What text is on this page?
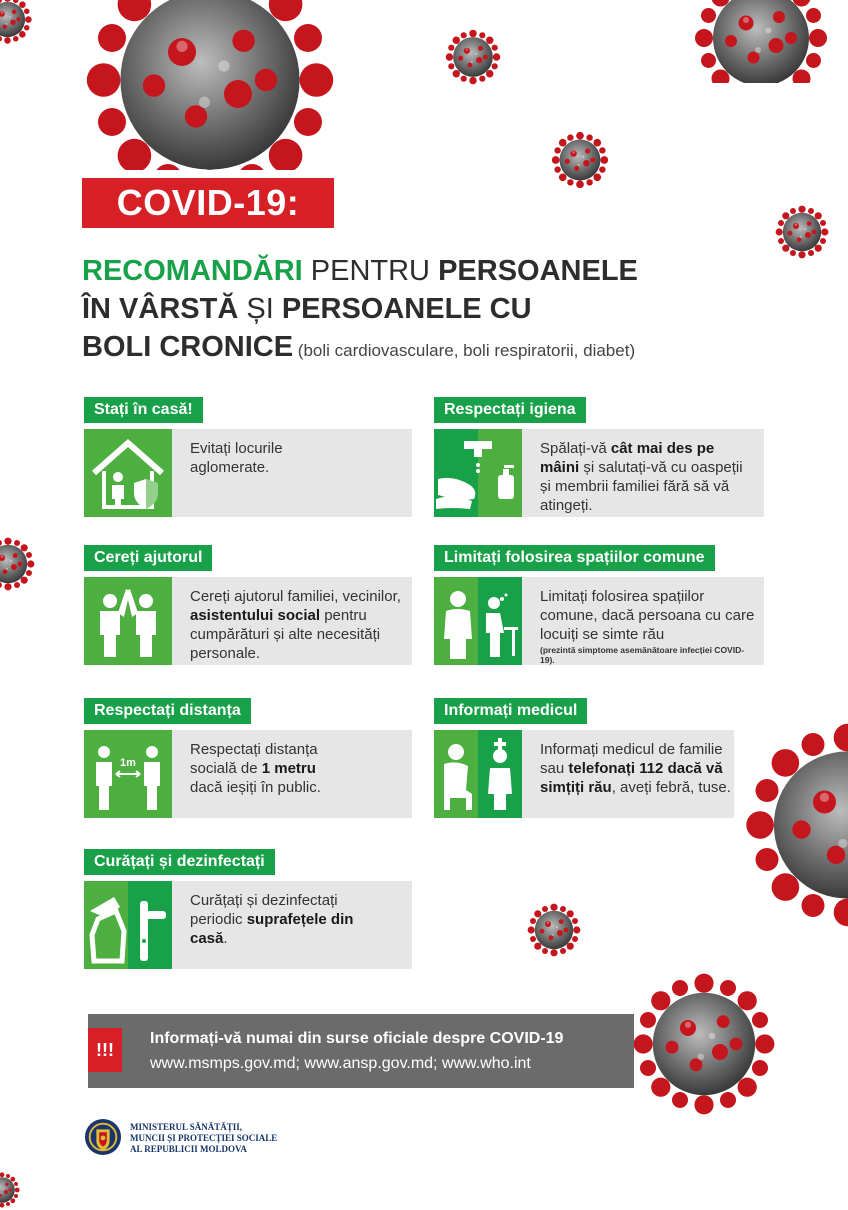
COVID-19:
RECOMANDĂRI PENTRU PERSOANELE
ÎN VÂRSTĂ ȘI PERSOANELE CU
BOLI CRONICE (boli cardiovasculare, boli respiratorii, diabet)
Stați în casă!
Evitați locurile aglomerate.
Respectați igiena
Spălați-vă cât mai des pe mâini și salutați-vă cu oaspeții și membrii familiei fără să vă atingeți.
Cereți ajutorul
Cereți ajutorul familiei, vecinilor, asistentului social pentru cumpărături și alte necesități personale.
Limitați folosirea spațiilor comune
Limitați folosirea spațiilor comune, dacă persoana cu care locuiți se simte rău
(prezintă simptome asemănătoare infecției COVID-19).
Respectați distanța
1m
Respectați distanța socială de 1 metru dacă ieșiți în public.
Informați medicul
Informați medicul de familie sau telefonați 112 dacă vă simțiți rău, aveți febră, tuse.
Curățați și dezinfectați
Curățați și dezinfectați periodic suprafețele din casă.
!!!
Informați-vă numai din surse oficiale despre COVID-19
www.msmps.gov.md; www.ansp.gov.md; www.who.int
MINISTERUL SĂNĂTĂȚII,
MUNCII ȘI PROTECȚIEI SOCIALE
AL REPUBLICII MOLDOVA
